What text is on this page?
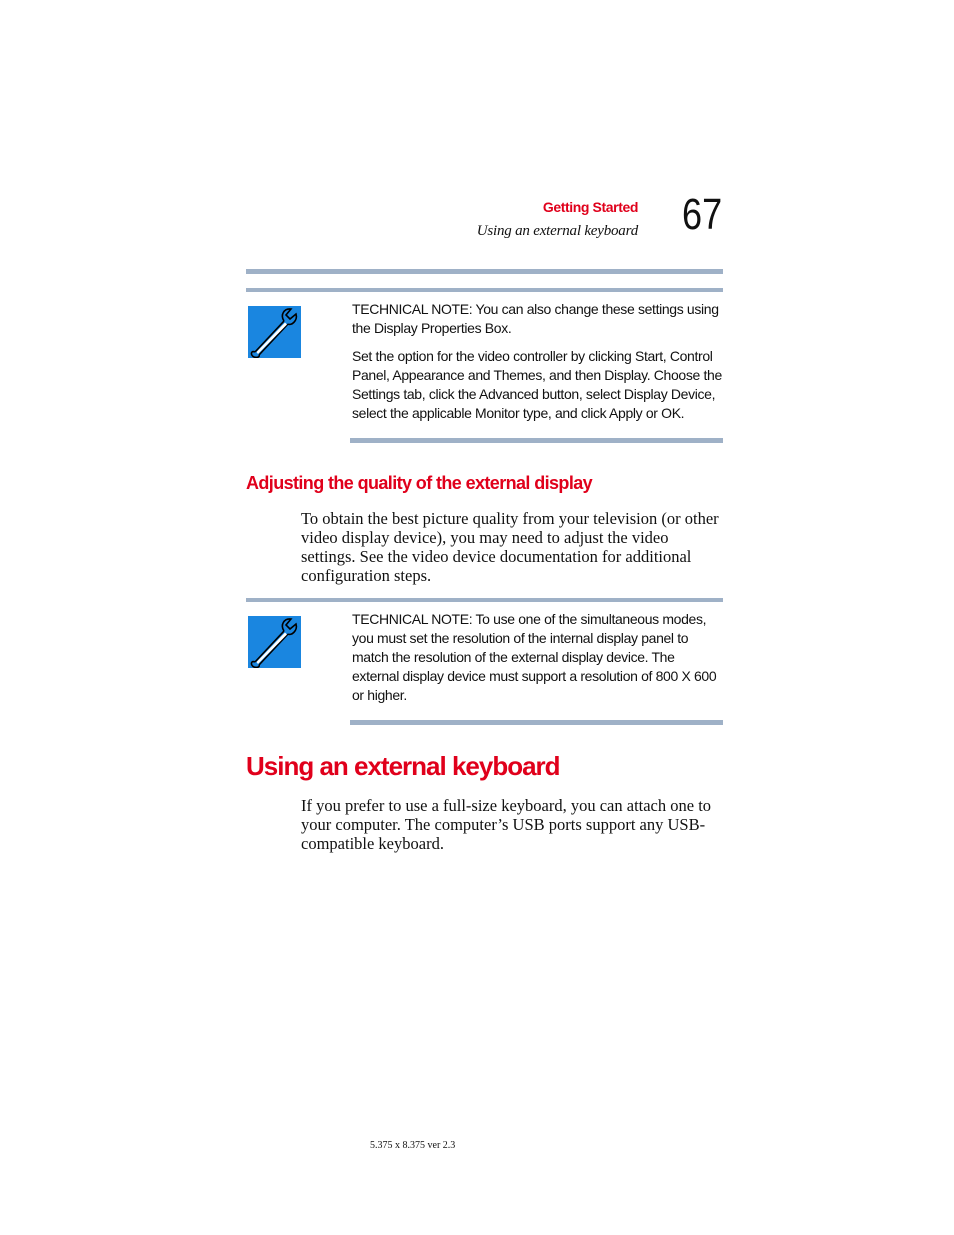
Getting Started
Using an external keyboard 67

TECHNICAL NOTE: You can also change these settings using the Display Properties Box.

Set the option for the video controller by clicking Start, Control Panel, Appearance and Themes, and then Display. Choose the Settings tab, click the Advanced button, select Display Device, select the applicable Monitor type, and click Apply or OK.

Adjusting the quality of the external display
To obtain the best picture quality from your television (or other video display device), you may need to adjust the video settings. See the video device documentation for additional configuration steps.

TECHNICAL NOTE: To use one of the simultaneous modes, you must set the resolution of the internal display panel to match the resolution of the external display device. The external display device must support a resolution of 800 X 600 or higher.

Using an external keyboard
If you prefer to use a full-size keyboard, you can attach one to your computer. The computer’s USB ports support any USB-compatible keyboard.
5.375 x 8.375 ver 2.3
